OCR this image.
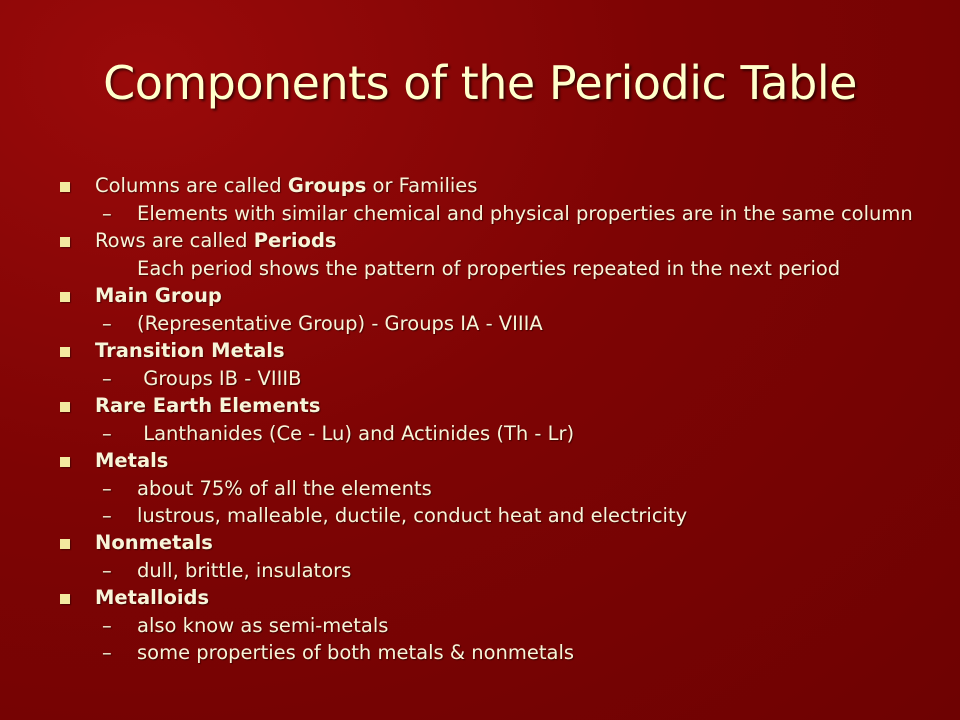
Components of the Periodic Table
Columns are called Groups or Families
– Elements with similar chemical and physical properties are in the same column
Rows are called Periods
Each period shows the pattern of properties repeated in the next period
Main Group
– (Representative Group) - Groups IA - VIIIA
Transition Metals
– Groups IB - VIIIB
Rare Earth Elements
– Lanthanides (Ce - Lu) and Actinides (Th - Lr)
Metals
– about 75% of all the elements
– lustrous, malleable, ductile, conduct heat and electricity
Nonmetals
– dull, brittle, insulators
Metalloids
– also know as semi-metals
– some properties of both metals & nonmetals
